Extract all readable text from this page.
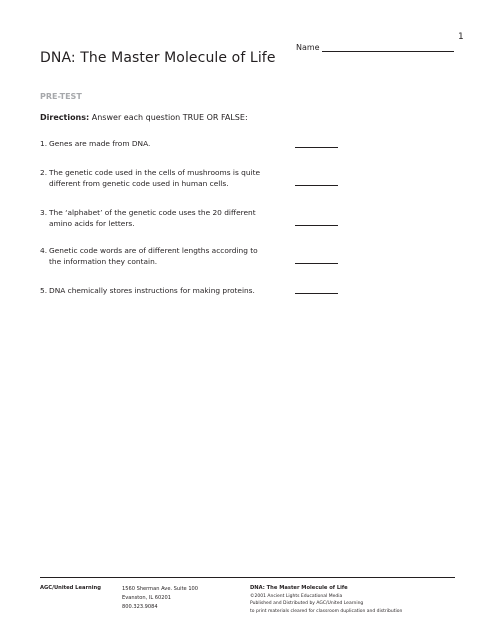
1
Name
DNA: The Master Molecule of Life
PRE-TEST
Directions: Answer each question TRUE OR FALSE:
1. Genes are made from DNA.
2. The genetic code used in the cells of mushrooms is quite
different from genetic code used in human cells.
3. The ‘alphabet’ of the genetic code uses the 20 different
amino acids for letters.
4. Genetic code words are of different lengths according to
the information they contain.
5. DNA chemically stores instructions for making proteins.
AGC/United Learning	1560 Sherman Ave. Suite 100
Evanston, IL 60201
800.323.9084
DNA: The Master Molecule of Life
©2001 Ancient Lights Educational Media
Published and Distributed by AGC/United Learning
to print materials cleared for classroom duplication and distribution
